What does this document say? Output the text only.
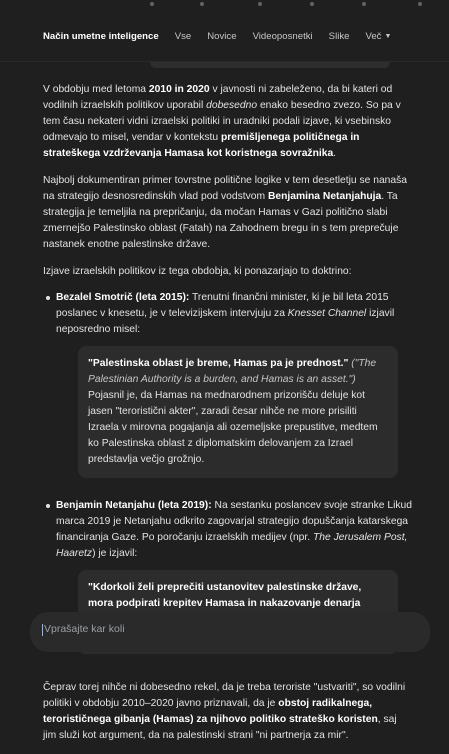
Način umetne inteligence Vse Novice Videoposnetki Slike Več ▼

V obdobju med letoma 2010 in 2020 v javnosti ni zabeleženo, da bi kateri od vodilnih izraelskih politikov uporabil dobesedno enako besedno zvezo. So pa v tem času nekateri vidni izraelski politiki in uradniki podali izjave, ki vsebinsko odmevajo to misel, vendar v kontekstu premišljenega političnega in strateškega vzdrževanja Hamasa kot koristnega sovražnika.

Najbolj dokumentiran primer tovrstne politične logike v tem desetletju se nanaša na strategijo desnosredinskih vlad pod vodstvom Benjamina Netanjahuja. Ta strategija je temeljila na prepričanju, da močan Hamas v Gazi politično slabi zmernejšo Palestinsko oblast (Fatah) na Zahodnem bregu in s tem preprečuje nastanek enotne palestinske države.

Izjave izraelskih politikov iz tega obdobja, ki ponazarjajo to doktrino:

Bezalel Smotrič (leta 2015): Trenutni finančni minister, ki je bil leta 2015 poslanec v knesetu, je v televizijskem intervjuju za Knesset Channel izjavil neposredno misel:
"Palestinska oblast je breme, Hamas pa je prednost." ("The Palestinian Authority is a burden, and Hamas is an asset.")
Pojasnil je, da Hamas na mednarodnem prizorišču deluje kot jasen "teroristični akter", zaradi česar nihče ne more prisiliti Izraela v mirovna pogajanja ali ozemeljske prepustitve, medtem ko Palestinska oblast z diplomatskim delovanjem za Izrael predstavlja večjo grožnjo.
Benjamin Netanjahu (leta 2019): Na sestanku poslancev svoje stranke Likud marca 2019 je Netanjahu odkrito zagovarjal strategijo dopuščanja katarskega financiranja Gaze. Po poročanju izraelskih medijev (npr. The Jerusalem Post, Haaretz) je izjavil:
"Kdorkoli želi preprečiti ustanovitev palestinske države, mora podpirati krepitev Hamasa in nakazovanje denarja

Čeprav torej nihče ni dobesedno rekel, da je treba teroriste "ustvariti", so vodilni politiki v obdobju 2010–2020 javno priznavali, da je obstoj radikalnega, terorističnega gibanja (Hamas) za njihovo politiko strateško koristen, saj jim služi kot argument, da na palestinski strani "ni partnerja za mir".

Vprašajte kar koli
